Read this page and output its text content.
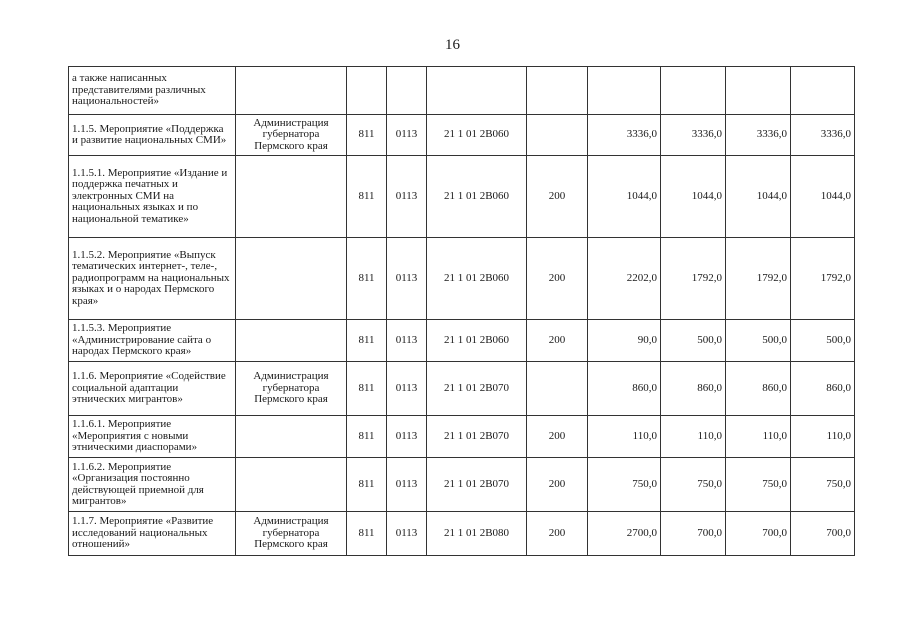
16
а также написанных представителями различных национальностей»									
1.1.5. Мероприятие «Поддержка и развитие национальных СМИ»	Администрация губернатора Пермского края	811	0113	21 1 01 2В060		3336,0	3336,0	3336,0	3336,0
1.1.5.1. Мероприятие «Издание и поддержка печатных и электронных СМИ на национальных языках и по национальной тематике»		811	0113	21 1 01 2В060	200	1044,0	1044,0	1044,0	1044,0
1.1.5.2. Мероприятие «Выпуск тематических интернет-, теле-, радиопрограмм на национальных языках и о народах Пермского края»		811	0113	21 1 01 2В060	200	2202,0	1792,0	1792,0	1792,0
1.1.5.3. Мероприятие «Администрирование сайта о народах Пермского края»		811	0113	21 1 01 2В060	200	90,0	500,0	500,0	500,0
1.1.6. Мероприятие «Содействие социальной адаптации этнических мигрантов»	Администрация губернатора Пермского края	811	0113	21 1 01 2В070		860,0	860,0	860,0	860,0
1.1.6.1. Мероприятие «Мероприятия с новыми этническими диаспорами»		811	0113	21 1 01 2В070	200	110,0	110,0	110,0	110,0
1.1.6.2. Мероприятие «Организация постоянно действующей приемной для мигрантов»		811	0113	21 1 01 2В070	200	750,0	750,0	750,0	750,0
1.1.7. Мероприятие «Развитие исследований национальных отношений»	Администрация губернатора Пермского края	811	0113	21 1 01 2В080	200	2700,0	700,0	700,0	700,0
